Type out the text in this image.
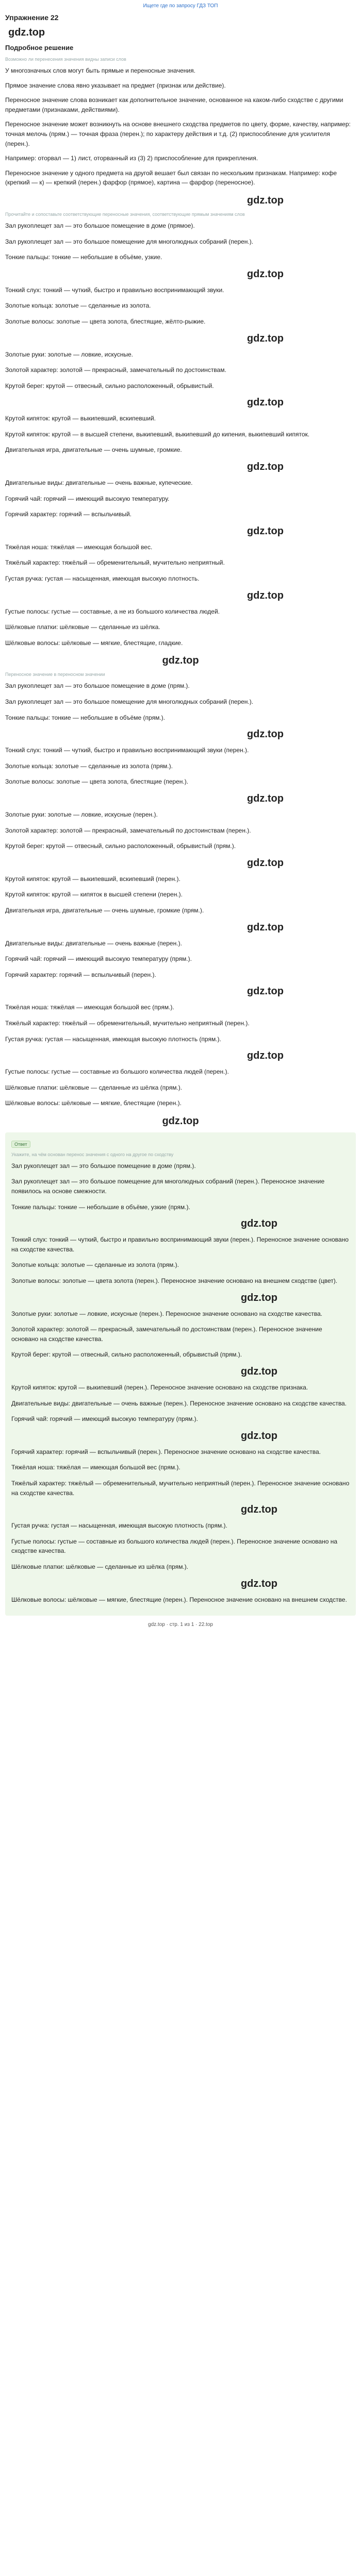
Ищете где по запросу ГДЗ ТОП
Упражнение 22
gdz.top
Подробное решение
Возможно ли перенесения значения видны записи слов

У многозначных слов могут быть прямые и переносные значения.

Прямое значение слова явно указывает на предмет (признак или действие).

Переносное значение слова возникает как дополнительное значение, основанное на каком-либо сходстве с другими предметами (признаками, действиями).

Переносное значение может возникнуть на основе внешнего сходства предметов по цвету, форме, качеству, например: точная мелочь (прям.) — точная фраза (перен.); по характеру действия и т.д. (2) приспособление для усилителя (перен.).

Например: оторвал — 1) лист, оторванный из (3) 2) приспособление для прикрепления.

Переносное значение у одного предмета на другой вешает был связан по нескольким признакам. Например: кофе (крепкий — к) — крепкий (перен.) фарфор (прямое), картина — фарфор (переносное).

gdz.top
Прочитайте и сопоставьте соответствующие переносные значения, соответствующие прямым значениям слов
Зал рукоплещет зал — это большое помещение в доме (прямое).
Зал рукоплещет зал — это большое помещение для многолюдных собраний (перен.).
Тонкие пальцы: тонкие — небольшие в объёме, узкие.
gdz.top
Тонкий слух: тонкий — чуткий, быстро и правильно воспринимающий звуки.
Золотые кольца: золотые — сделанные из золота.
Золотые волосы: золотые — цвета золота, блестящие, жёлто-рыжие.
gdz.top
Золотые руки: золотые — ловкие, искусные.
Золотой характер: золотой — прекрасный, замечательный по достоинствам.
Крутой берег: крутой — отвесный, сильно расположенный, обрывистый.
gdz.top
Крутой кипяток: крутой — выкипевший, вскипевший.
Крутой кипяток: крутой — в высшей степени, выкипевший, выкипевший до кипения, выкипевший кипяток.
Двигательная игра, двигательные — очень шумные, громкие.
gdz.top
Двигательные виды: двигательные — очень важные, купеческие.
Горячий чай: горячий — имеющий высокую температуру.
Горячий характер: горячий — вспыльчивый.
gdz.top
Тяжёлая ноша: тяжёлая — имеющая большой вес.
Тяжёлый характер: тяжёлый — обременительный, мучительно неприятный.
Густая ручка: густая — насыщенная, имеющая высокую плотность.
gdz.top
Густые полосы: густые — составные, а не из большого количества людей.
Шёлковые платки: шёлковые — сделанные из шёлка.
Шёлковые волосы: шёлковые — мягкие, блестящие, гладкие.
gdz.top
Переносное значение в переносном значении
Зал рукоплещет зал — это большое помещение в доме (прям.).
Зал рукоплещет зал — это большое помещение для многолюдных собраний (перен.).
Тонкие пальцы: тонкие — небольшие в объёме (прям.).
gdz.top
Тонкий слух: тонкий — чуткий, быстро и правильно воспринимающий звуки (перен.).
Золотые кольца: золотые — сделанные из золота (прям.).
Золотые волосы: золотые — цвета золота, блестящие (перен.).
gdz.top
Золотые руки: золотые — ловкие, искусные (перен.).
Золотой характер: золотой — прекрасный, замечательный по достоинствам (перен.).
Крутой берег: крутой — отвесный, сильно расположенный, обрывистый (прям.).
gdz.top
Крутой кипяток: крутой — выкипевший, вскипевший (перен.).
Крутой кипяток: крутой — кипяток в высшей степени (перен.).
Двигательная игра, двигательные — очень шумные, громкие (прям.).
gdz.top
Двигательные виды: двигательные — очень важные (перен.).
Горячий чай: горячий — имеющий высокую температуру (прям.).
Горячий характер: горячий — вспыльчивый (перен.).
gdz.top
Тяжёлая ноша: тяжёлая — имеющая большой вес (прям.).
Тяжёлый характер: тяжёлый — обременительный, мучительно неприятный (перен.).
Густая ручка: густая — насыщенная, имеющая высокую плотность (прям.).
gdz.top
Густые полосы: густые — составные из большого количества людей (перен.).
Шёлковые платки: шёлковые — сделанные из шёлка (прям.).
Шёлковые волосы: шёлковые — мягкие, блестящие (перен.).
gdz.top
Ответ
Укажите, на чём основан перенос значения с одного на другое по сходству
Зал рукоплещет зал — это большое помещение в доме (прям.).
Зал рукоплещет зал — это большое помещение для многолюдных собраний (перен.). Переносное значение появилось на основе смежности.
Тонкие пальцы: тонкие — небольшие в объёме, узкие (прям.).
gdz.top
Тонкий слух: тонкий — чуткий, быстро и правильно воспринимающий звуки (перен.). Переносное значение основано на сходстве качества.
Золотые кольца: золотые — сделанные из золота (прям.).
Золотые волосы: золотые — цвета золота (перен.). Переносное значение основано на внешнем сходстве (цвет).
gdz.top
Золотые руки: золотые — ловкие, искусные (перен.). Переносное значение основано на сходстве качества.
Золотой характер: золотой — прекрасный, замечательный по достоинствам (перен.). Переносное значение основано на сходстве качества.
Крутой берег: крутой — отвесный, сильно расположенный, обрывистый (прям.).
gdz.top
Крутой кипяток: крутой — выкипевший (перен.). Переносное значение основано на сходстве признака.
Двигательные виды: двигательные — очень важные (перен.). Переносное значение основано на сходстве качества.
Горячий чай: горячий — имеющий высокую температуру (прям.).
gdz.top
Горячий характер: горячий — вспыльчивый (перен.). Переносное значение основано на сходстве качества.
Тяжёлая ноша: тяжёлая — имеющая большой вес (прям.).
Тяжёлый характер: тяжёлый — обременительный, мучительно неприятный (перен.). Переносное значение основано на сходстве качества.
gdz.top
Густая ручка: густая — насыщенная, имеющая высокую плотность (прям.).
Густые полосы: густые — составные из большого количества людей (перен.). Переносное значение основано на сходстве качества.
Шёлковые платки: шёлковые — сделанные из шёлка (прям.).
gdz.top
Шёлковые волосы: шёлковые — мягкие, блестящие (перен.). Переносное значение основано на внешнем сходстве.
gdz.top · стр. 1 из 1 · 22.top
